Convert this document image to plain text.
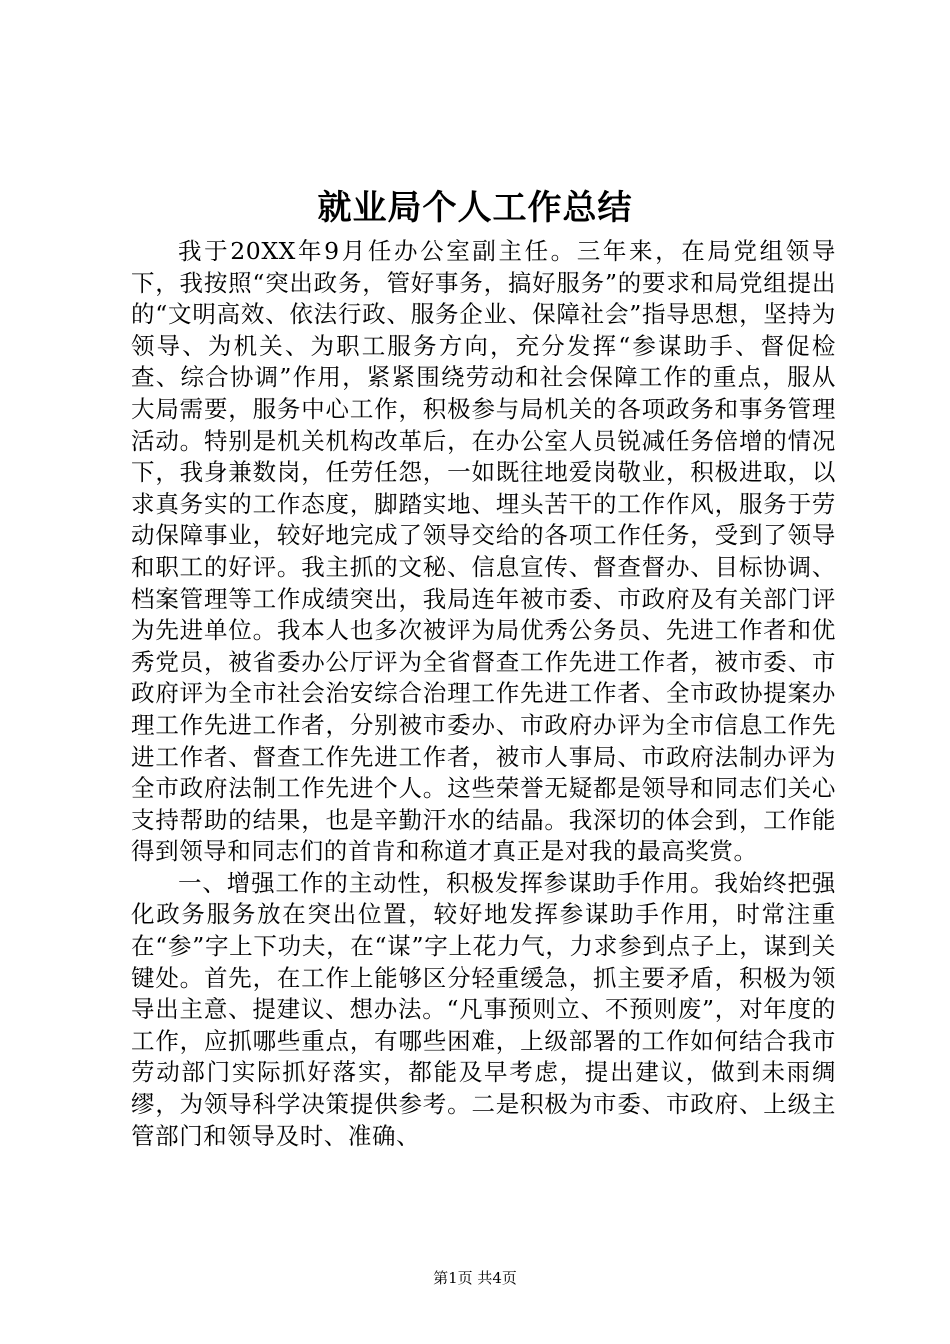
就业局个人工作总结

我于20XX年9月任办公室副主任。三年来，在局党组领导下，我按照“突出政务，管好事务，搞好服务”的要求和局党组提出的“文明高效、依法行政、服务企业、保障社会”指导思想，坚持为领导、为机关、为职工服务方向，充分发挥“参谋助手、督促检查、综合协调”作用，紧紧围绕劳动和社会保障工作的重点，服从大局需要，服务中心工作，积极参与局机关的各项政务和事务管理活动。特别是机关机构改革后，在办公室人员锐减任务倍增的情况下，我身兼数岗，任劳任怨，一如既往地爱岗敬业，积极进取，以求真务实的工作态度，脚踏实地、埋头苦干的工作作风，服务于劳动保障事业，较好地完成了领导交给的各项工作任务，受到了领导和职工的好评。我主抓的文秘、信息宣传、督查督办、目标协调、档案管理等工作成绩突出，我局连年被市委、市政府及有关部门评为先进单位。我本人也多次被评为局优秀公务员、先进工作者和优秀党员，被省委办公厅评为全省督查工作先进工作者，被市委、市政府评为全市社会治安综合治理工作先进工作者、全市政协提案办理工作先进工作者，分别被市委办、市政府办评为全市信息工作先进工作者、督查工作先进工作者，被市人事局、市政府法制办评为全市政府法制工作先进个人。这些荣誉无疑都是领导和同志们关心支持帮助的结果，也是辛勤汗水的结晶。我深切的体会到，工作能得到领导和同志们的首肯和称道才真正是对我的最高奖赏。

一、增强工作的主动性，积极发挥参谋助手作用。我始终把强化政务服务放在突出位置，较好地发挥参谋助手作用，时常注重在“参”字上下功夫，在“谋”字上花力气，力求参到点子上，谋到关键处。首先，在工作上能够区分轻重缓急，抓主要矛盾，积极为领导出主意、提建议、想办法。“凡事预则立、不预则废”，对年度的工作，应抓哪些重点，有哪些困难，上级部署的工作如何结合我市劳动部门实际抓好落实，都能及早考虑，提出建议，做到未雨绸缪，为领导科学决策提供参考。二是积极为市委、市政府、上级主管部门和领导及时、准确、

第1页 共4页
